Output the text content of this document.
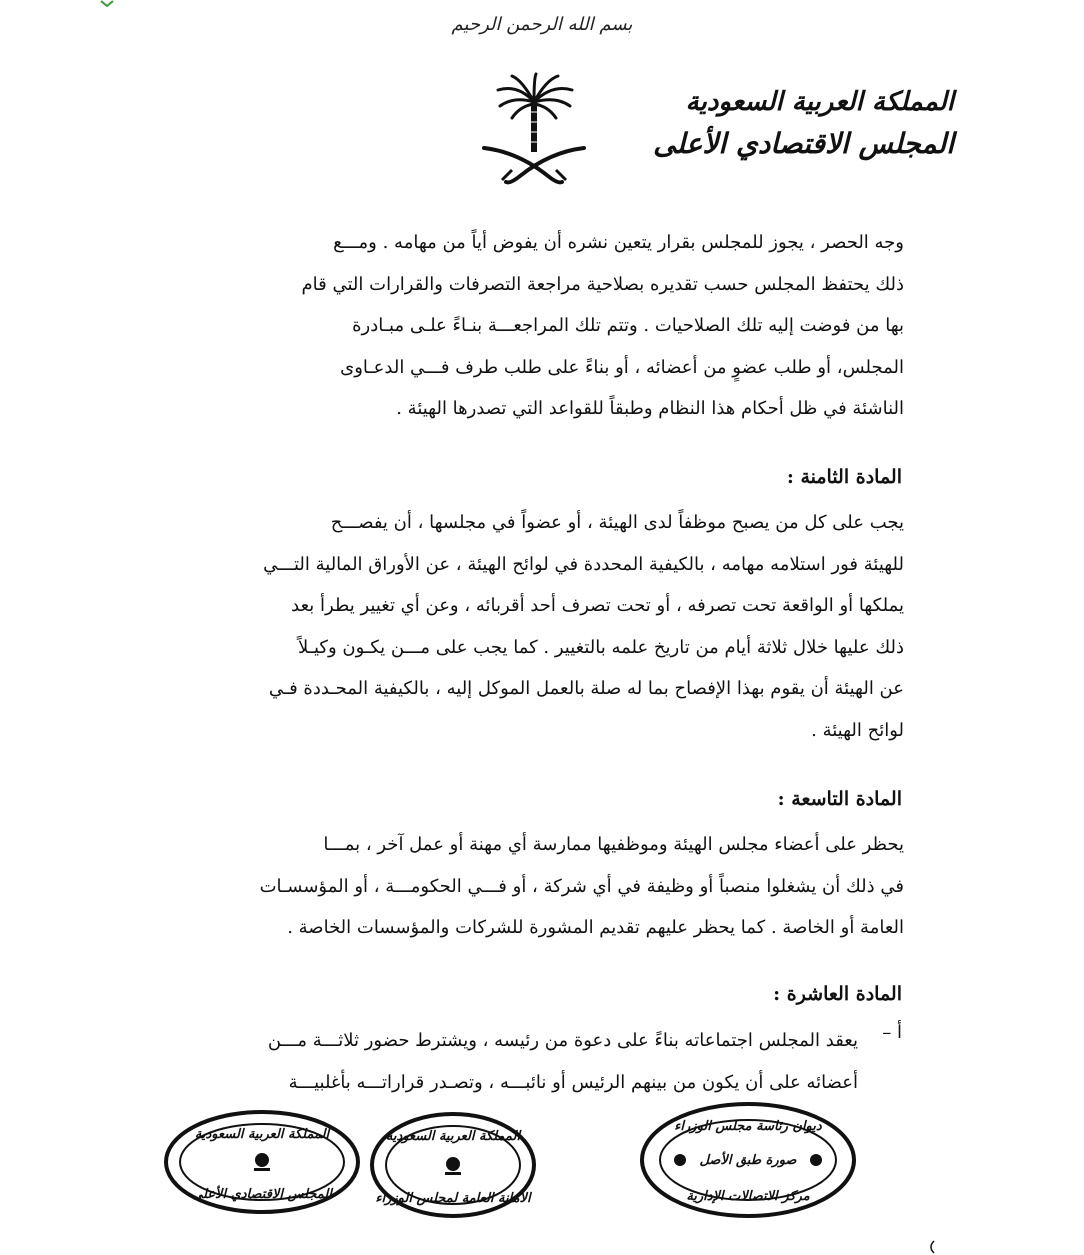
بسم الله الرحمن الرحيم
المملكة العربية السعودية
المجلس الاقتصادي الأعلى

وجه الحصر ، يجوز للمجلس بقرار يتعين نشره أن يفوض أياً من مهامه . ومـــع

ذلك يحتفظ المجلس حسب تقديره بصلاحية مراجعة التصرفات والقرارات التي قام

بها من فوضت إليه تلك الصلاحيات . وتتم تلك المراجعـــة بنـاءً علـى مبـادرة

المجلس، أو طلب عضوٍ من أعضائه ، أو بناءً على طلب طرف فـــي الدعـاوى

الناشئة في ظل أحكام هذا النظام وطبقاً للقواعد التي تصدرها الهيئة .

المادة الثامنة :

يجب على كل من يصبح موظفاً لدى الهيئة ، أو عضواً في مجلسها ، أن يفصـــح

للهيئة فور استلامه مهامه ، بالكيفية المحددة في لوائح الهيئة ، عن الأوراق المالية التـــي

يملكها أو الواقعة تحت تصرفه ، أو تحت تصرف أحد أقربائه ، وعن أي تغيير يطرأ بعد

ذلك عليها خلال ثلاثة أيام من تاريخ علمه بالتغيير . كما يجب على مـــن يكـون وكيـلاً

عن الهيئة أن يقوم بهذا الإفصاح بما له صلة بالعمل الموكل إليه ، بالكيفية المحـددة فـي

لوائح الهيئة .

المادة التاسعة :

يحظر على أعضاء مجلس الهيئة وموظفيها ممارسة أي مهنة أو عمل آخر ، بمـــا

في ذلك أن يشغلوا منصباً أو وظيفة في أي شركة ، أو فـــي الحكومـــة ، أو المؤسسـات

العامة أو الخاصة . كما يحظر عليهم تقديم المشورة للشركات والمؤسسات الخاصة .

المادة العاشرة :
أ –

يعقد المجلس اجتماعاته بناءً على دعوة من رئيسه ، ويشترط حضور ثلاثـــة مـــن

أعضائه على أن يكون من بينهم الرئيس أو نائبـــه ، وتصـدر قراراتـــه بأغلبيـــة

المملكة العربية السعودية
المجلس الاقتصادي الأعلى
المملكة العربية السعودية
الأمانة العامة لمجلس الوزراء
ديوان رئاسة مجلس الوزراء
صورة طبق الأصل
مركز الاتصالات الإدارية
